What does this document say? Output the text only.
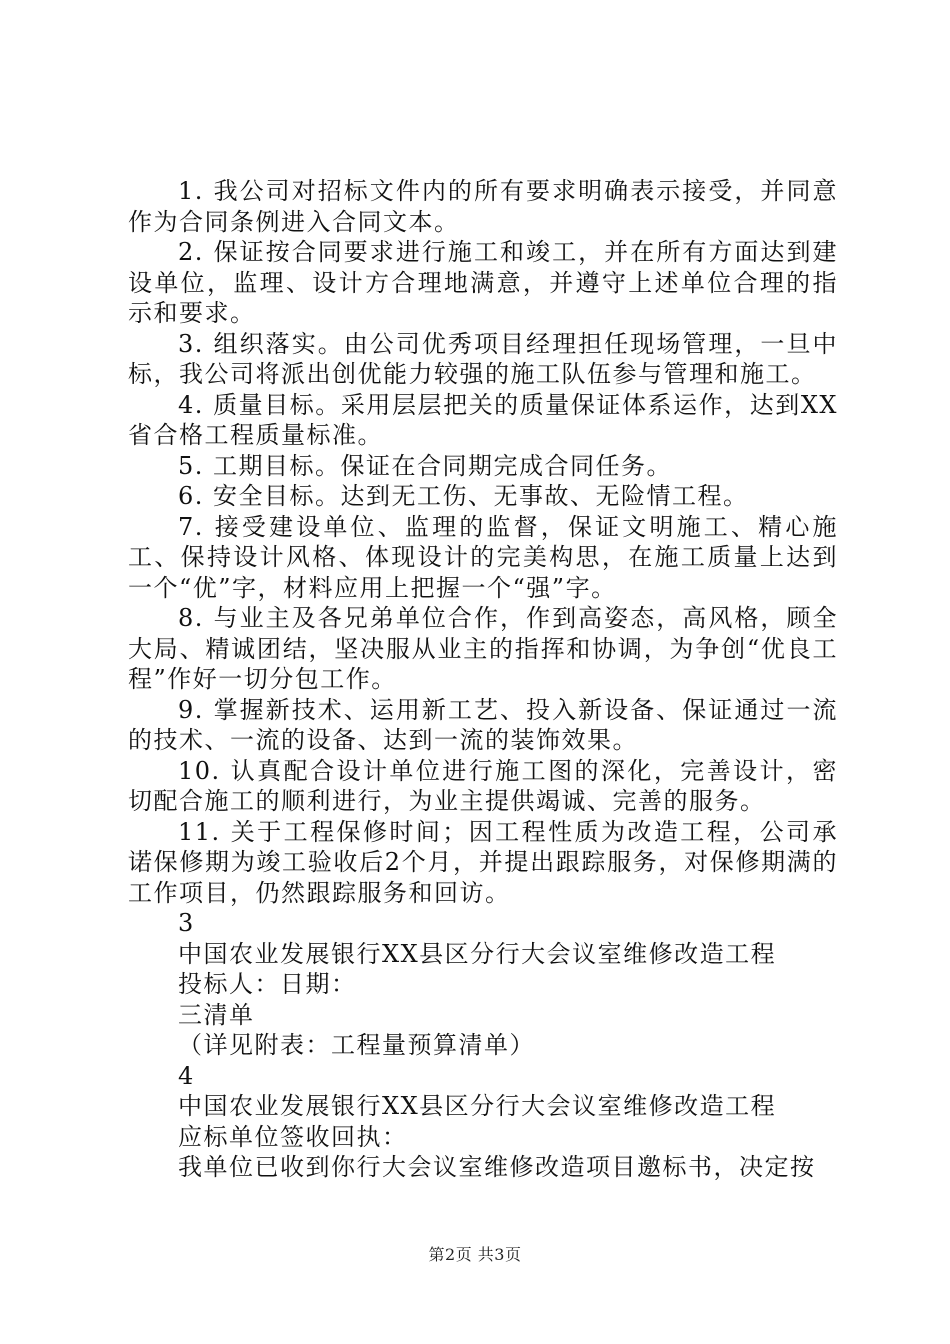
1. 我公司对招标文件内的所有要求明确表示接受，并同意作为合同条例进入合同文本。

2. 保证按合同要求进行施工和竣工，并在所有方面达到建设单位，监理、设计方合理地满意，并遵守上述单位合理的指示和要求。

3. 组织落实。由公司优秀项目经理担任现场管理，一旦中标，我公司将派出创优能力较强的施工队伍参与管理和施工。

4. 质量目标。采用层层把关的质量保证体系运作，达到XX省合格工程质量标准。

5. 工期目标。保证在合同期完成合同任务。

6. 安全目标。达到无工伤、无事故、无险情工程。

7. 接受建设单位、监理的监督，保证文明施工、精心施工、保持设计风格、体现设计的完美构思，在施工质量上达到一个“优”字，材料应用上把握一个“强”字。

8. 与业主及各兄弟单位合作，作到高姿态，高风格，顾全大局、精诚团结，坚决服从业主的指挥和协调，为争创“优良工程”作好一切分包工作。

9. 掌握新技术、运用新工艺、投入新设备、保证通过一流的技术、一流的设备、达到一流的装饰效果。

10. 认真配合设计单位进行施工图的深化，完善设计，密切配合施工的顺利进行，为业主提供竭诚、完善的服务。

11. 关于工程保修时间；因工程性质为改造工程，公司承诺保修期为竣工验收后2个月，并提出跟踪服务，对保修期满的工作项目，仍然跟踪服务和回访。

3

中国农业发展银行XX县区分行大会议室维修改造工程

投标人：日期：

三清单

（详见附表：工程量预算清单）

4

中国农业发展银行XX县区分行大会议室维修改造工程

应标单位签收回执：

我单位已收到你行大会议室维修改造项目邀标书，决定按

第2页 共3页
